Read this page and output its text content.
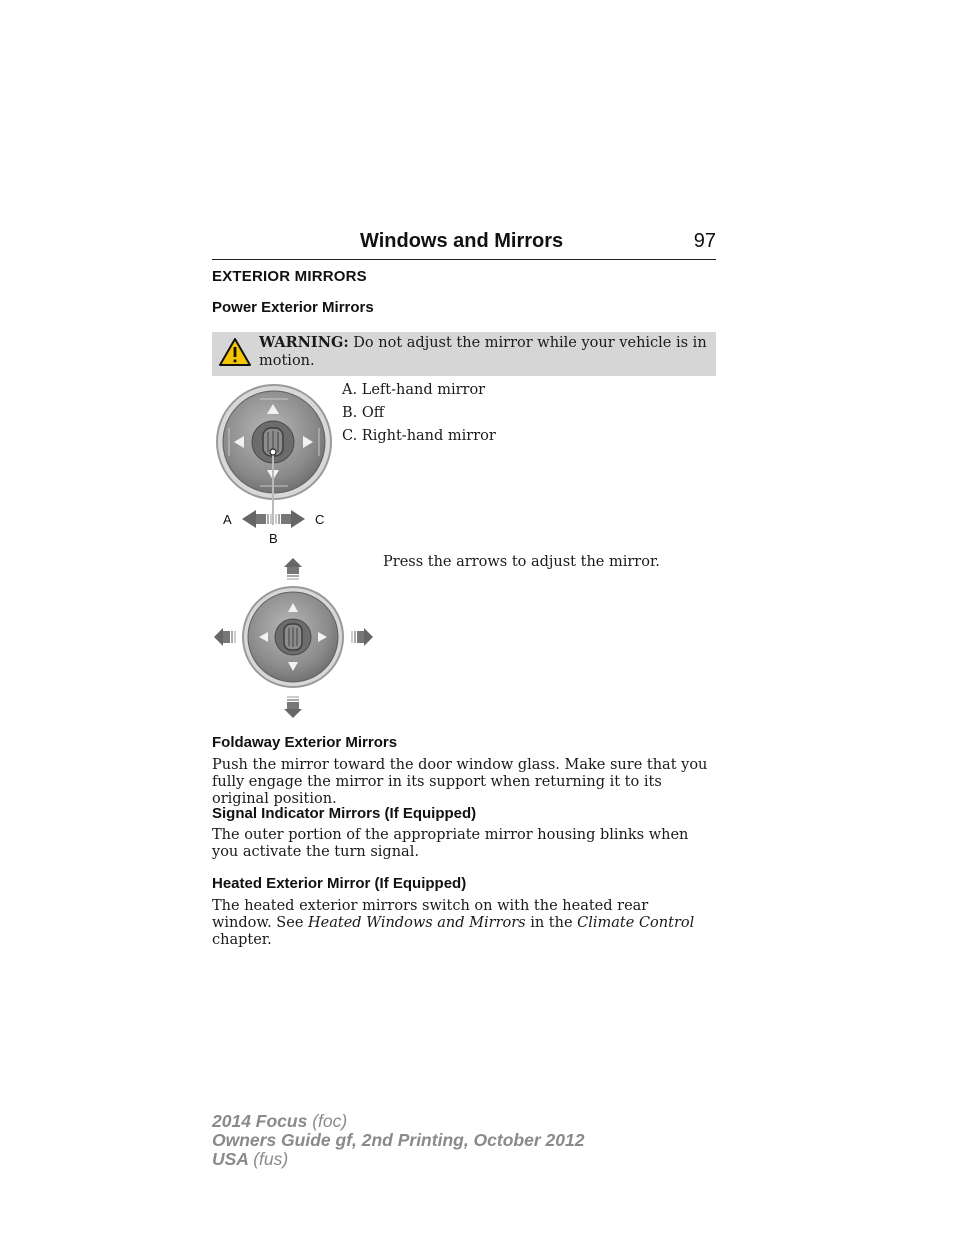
Windows and Mirrors	97
EXTERIOR MIRRORS
Power Exterior Mirrors
WARNING: Do not adjust the mirror while your vehicle is in motion.
A. Left-hand mirror
B. Off
C. Right-hand mirror
A
B
C
Press the arrows to adjust the mirror.
Foldaway Exterior Mirrors
Push the mirror toward the door window glass. Make sure that you fully engage the mirror in its support when returning it to its original position.
Signal Indicator Mirrors (If Equipped)
The outer portion of the appropriate mirror housing blinks when you activate the turn signal.
Heated Exterior Mirror (If Equipped)
The heated exterior mirrors switch on with the heated rear window. See Heated Windows and Mirrors in the Climate Control chapter.
2014 Focus (foc)
Owners Guide gf, 2nd Printing, October 2012
USA (fus)
